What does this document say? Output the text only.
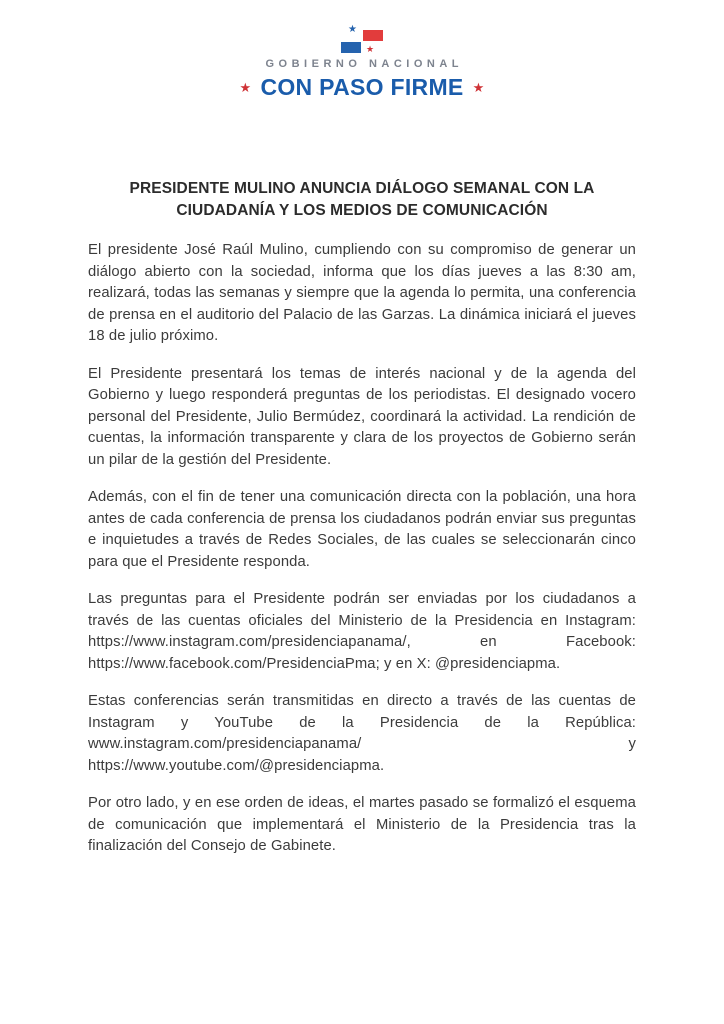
★
★
GOBIERNO NACIONAL
★ CON PASO FIRME ★
PRESIDENTE MULINO ANUNCIA DIÁLOGO SEMANAL CON LA CIUDADANÍA Y LOS MEDIOS DE COMUNICACIÓN

El presidente José Raúl Mulino, cumpliendo con su compromiso de generar un diálogo abierto con la sociedad, informa que los días jueves a las 8:30 am, realizará, todas las semanas y siempre que la agenda lo permita, una conferencia de prensa en el auditorio del Palacio de las Garzas. La dinámica iniciará el jueves 18 de julio próximo.

El Presidente presentará los temas de interés nacional y de la agenda del Gobierno y luego responderá preguntas de los periodistas. El designado vocero personal del Presidente, Julio Bermúdez, coordinará la actividad. La rendición de cuentas, la información transparente y clara de los proyectos de Gobierno serán un pilar de la gestión del Presidente.

Además, con el fin de tener una comunicación directa con la población, una hora antes de cada conferencia de prensa los ciudadanos podrán enviar sus preguntas e inquietudes a través de Redes Sociales, de las cuales se seleccionarán cinco para que el Presidente responda.

Las preguntas para el Presidente podrán ser enviadas por los ciudadanos a través de las cuentas oficiales del Ministerio de la Presidencia en Instagram: https://www.instagram.com/presidenciapanama/, en Facebook: https://www.facebook.com/PresidenciaPma; y en X: @presidenciapma.

Estas conferencias serán transmitidas en directo a través de las cuentas de Instagram y YouTube de la Presidencia de la República: www.instagram.com/presidenciapanama/ y https://www.youtube.com/@presidenciapma.

Por otro lado, y en ese orden de ideas, el martes pasado se formalizó el esquema de comunicación que implementará el Ministerio de la Presidencia tras la finalización del Consejo de Gabinete.
